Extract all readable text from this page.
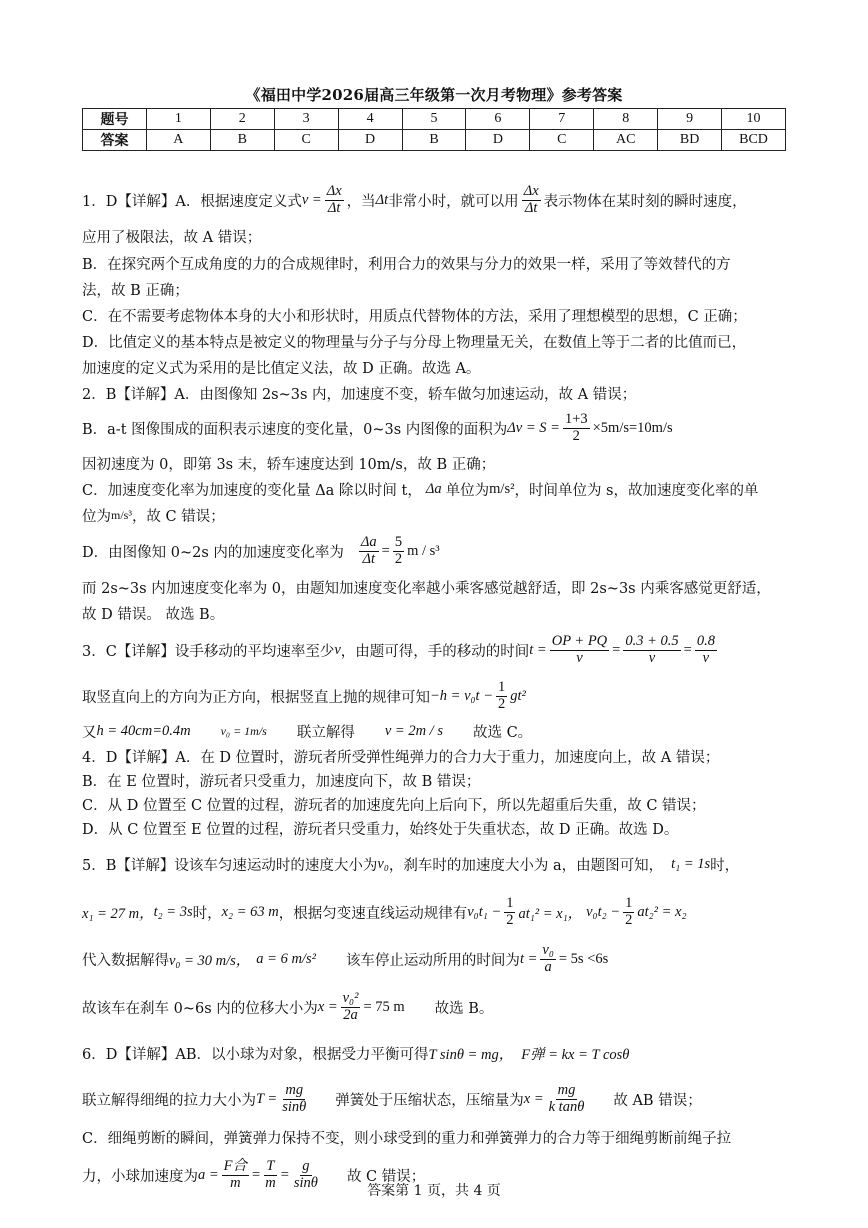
《福田中学2026届高三年级第一次月考物理》参考答案
题号	1	2	3	4	5	6	7	8	9	10
答案	A	B	C	D	B	D	C	AC	BD	BCD
1．D【详解】A．根据速度定义式 $v = \frac{\Delta x}{\Delta t}$ ，当 Δt 非常小时，就可以用 $\frac{\Delta x}{\Delta t}$ 表示物体在某时刻的瞬时速度，
应用了极限法，故 A 错误；
B．在探究两个互成角度的力的合成规律时，利用合力的效果与分力的效果一样，采用了等效替代的方
法，故 B 正确；
C．在不需要考虑物体本身的大小和形状时，用质点代替物体的方法，采用了理想模型的思想，C 正确；
D．比值定义的基本特点是被定义的物理量与分子与分母上物理量无关，在数值上等于二者的比值而已，
加速度的定义式为采用的是比值定义法，故 D 正确。故选 A。
2．B【详解】A．由图像知 2s~3s 内，加速度不变，轿车做匀加速运动，故 A 错误；
B．a-t 图像围成的面积表示速度的变化量，0~3s 内图像的面积为 $\Delta v = S = \frac{1+3}{2} \times 5m/s=10m/s$
因初速度为 0，即第 3s 末，轿车速度达到 10m/s，故 B 正确；
C．加速度变化率为加速度的变化量 Δa 除以时间 t， Δa 单位为 m/s² ，时间单位为 s，故加速度变化率的单
位为 m/s³ ，故 C 错误；
D．由图像知 0~2s 内的加速度变化率为 $\frac{\Delta a}{\Delta t} = \frac{5}{2}$ m / s³
而 2s~3s 内加速度变化率为 0，由题知加速度变化率越小乘客感觉越舒适，即 2s~3s 内乘客感觉更舒适，
故 D 错误。 故选 B。
3．C【详解】设手移动的平均速率至少 v ，由题可得，手的移动的时间 $t = \frac{OP + PQ}{v} = \frac{0.3 + 0.5}{v} = \frac{0.8}{v}$
取竖直向上的方向为正方向，根据竖直上抛的规律可知 $-h = v_0t - \frac{1}{2} gt^2$
又 h = 40cm=0.4m	v₀ = 1m/s 联立解得 v = 2m / s 故选 C。
4．D【详解】A．在 D 位置时，游玩者所受弹性绳弹力的合力大于重力，加速度向上，故 A 错误；
B．在 E 位置时，游玩者只受重力，加速度向下，故 B 错误；
C．从 D 位置至 C 位置的过程，游玩者的加速度先向上后向下，所以先超重后失重，故 C 错误；
D．从 C 位置至 E 位置的过程，游玩者只受重力，始终处于失重状态，故 D 正确。故选 D。
5．B【详解】设该车匀速运动时的速度大小为 v₀ ，刹车时的加速度大小为 a，由题图可知， t₁ = 1s 时，
x₁ = 27 m， t₂ = 3s 时， x₂ = 63 m ，根据匀变速直线运动规律有 $v_0t_1 - \frac{1}{2} at_1^2 = x_1$， $v_0t_2 - \frac{1}{2} at_2^2 = x_2$
代入数据解得 v₀ = 30 m/s， a = 6 m/s² 该车停止运动所用的时间为 $t = \frac{\text{v₀}}{a} = 5s <6s$
故该车在刹车 0~6s 内的位移大小为 $x = \frac{\text{v₀²}}{2a} = 75$ m 故选 B。
6．D【详解】AB．以小球为对象，根据受力平衡可得 T sinθ = mg， F弹 = kx = T cosθ
联立解得细绳的拉力大小为 $T = \frac{mg}{\sin\theta}$ 弹簧处于压缩状态，压缩量为 $x = \frac{mg}{\text{k tanθ}}$ 故 AB 错误；
C．细绳剪断的瞬间，弹簧弹力保持不变，则小球受到的重力和弹簧弹力的合力等于细绳剪断前绳子拉
力，小球加速度为 $a = \frac{\text{F合}}{m} = \frac{T}{m} = \frac{g}{\sin\theta}$ 故 C 错误；
答案第 1 页，共 4 页
